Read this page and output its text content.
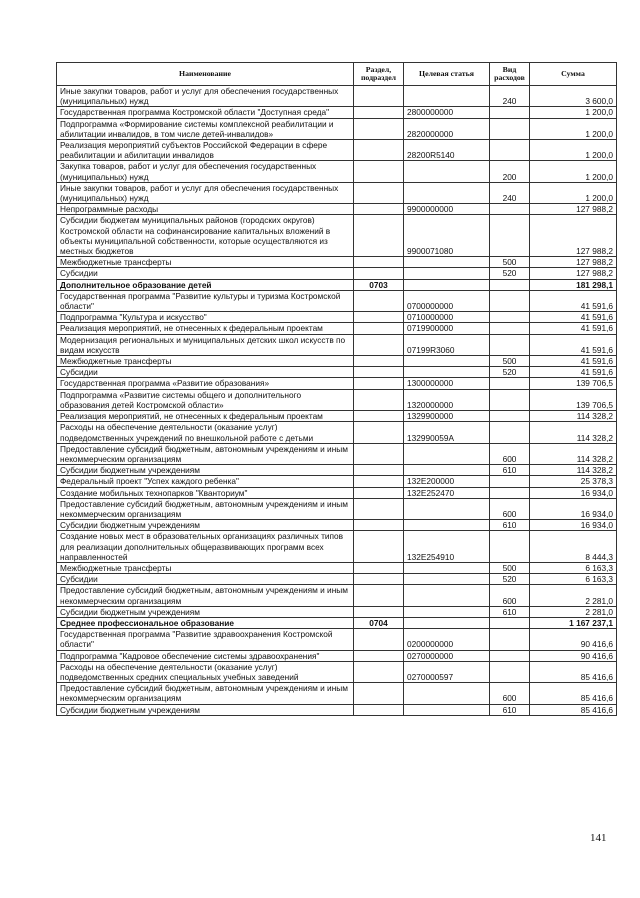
Наименование	Раздел, подраздел	Целевая статья	Вид расходов	Сумма
Иные закупки товаров, работ и услуг для обеспечения государственных (муниципальных) нужд			240	3 600,0
Государственная программа Костромской области "Доступная среда"		2800000000		1 200,0
Подпрограмма «Формирование системы комплексной реабилитации и абилитации инвалидов, в том числе детей-инвалидов»		2820000000		1 200,0
Реализация мероприятий субъектов Российской Федерации в сфере реабилитации и абилитации инвалидов		28200R5140		1 200,0
Закупка товаров, работ и услуг для обеспечения государственных (муниципальных) нужд			200	1 200,0
Иные закупки товаров, работ и услуг для обеспечения государственных (муниципальных) нужд			240	1 200,0
Непрограммные расходы		9900000000		127 988,2
Субсидии бюджетам муниципальных районов (городских округов) Костромской области на софинансирование капитальных вложений в объекты муниципальной собственности, которые осуществляются из местных бюджетов		9900071080		127 988,2
Межбюджетные трансферты			500	127 988,2
Субсидии			520	127 988,2
Дополнительное образование детей	0703			181 298,1
Государственная программа "Развитие культуры и туризма Костромской области"		0700000000		41 591,6
Подпрограмма "Культура и искусство"		0710000000		41 591,6
Реализация мероприятий, не отнесенных к федеральным проектам		0719900000		41 591,6
Модернизация региональных и муниципальных детских школ искусств по видам искусств		07199R3060		41 591,6
Межбюджетные трансферты			500	41 591,6
Субсидии			520	41 591,6
Государственная программа «Развитие образования»		1300000000		139 706,5
Подпрограмма «Развитие системы общего и дополнительного образования детей Костромской области»		1320000000		139 706,5
Реализация мероприятий, не отнесенных к федеральным проектам		1329900000		114 328,2
Расходы на обеспечение деятельности (оказание услуг) подведомственных учреждений по внешкольной работе с детьми		132990059А		114 328,2
Предоставление субсидий бюджетным, автономным учреждениям и иным некоммерческим организациям			600	114 328,2
Субсидии бюджетным учреждениям			610	114 328,2
Федеральный проект "Успех каждого ребенка"		132E200000		25 378,3
Создание мобильных технопарков "Кванториум"		132E252470		16 934,0
Предоставление субсидий бюджетным, автономным учреждениям и иным некоммерческим организациям			600	16 934,0
Субсидии бюджетным учреждениям			610	16 934,0
Создание новых мест в образовательных организациях различных типов для реализации дополнительных общеразвивающих программ всех направленностей		132E254910		8 444,3
Межбюджетные трансферты			500	6 163,3
Субсидии			520	6 163,3
Предоставление субсидий бюджетным, автономным учреждениям и иным некоммерческим организациям			600	2 281,0
Субсидии бюджетным учреждениям			610	2 281,0
Среднее профессиональное образование	0704			1 167 237,1
Государственная программа "Развитие здравоохранения Костромской области"		0200000000		90 416,6
Подпрограмма "Кадровое обеспечение системы здравоохранения"		0270000000		90 416,6
Расходы на обеспечение деятельности (оказание услуг) подведомственных средних специальных учебных заведений		0270000597		85 416,6
Предоставление субсидий бюджетным, автономным учреждениям и иным некоммерческим организациям			600	85 416,6
Субсидии бюджетным учреждениям			610	85 416,6
141
